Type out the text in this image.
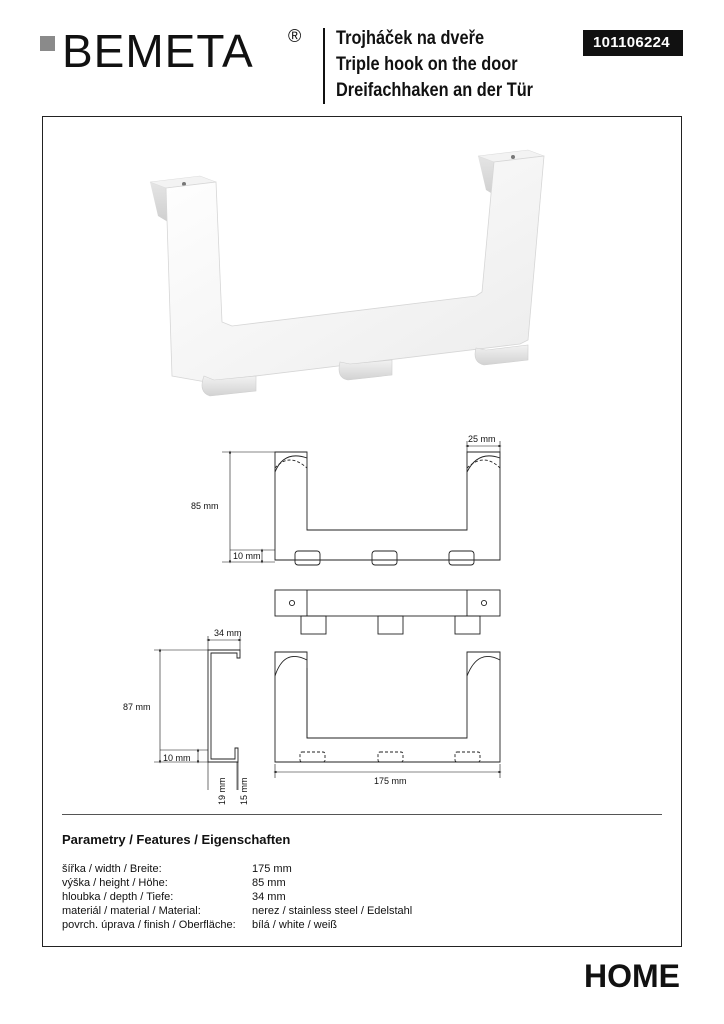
BEMETA ® Trojháček na dveře
Triple hook on the door
Dreifachhaken an der Tür
101106224
25 mm
85 mm
10 mm
34 mm
87 mm
10 mm
19 mm 15 mm	175 mm
Parametry / Features / Eigenschaften
šířka / width / Breite:	175 mm
výška / height / Höhe:	85 mm
hloubka / depth / Tiefe:	34 mm
materiál / material / Material:	nerez / stainless steel / Edelstahl
povrch. úprava / finish / Oberfläche:	bílá / white / weiß
HOME
